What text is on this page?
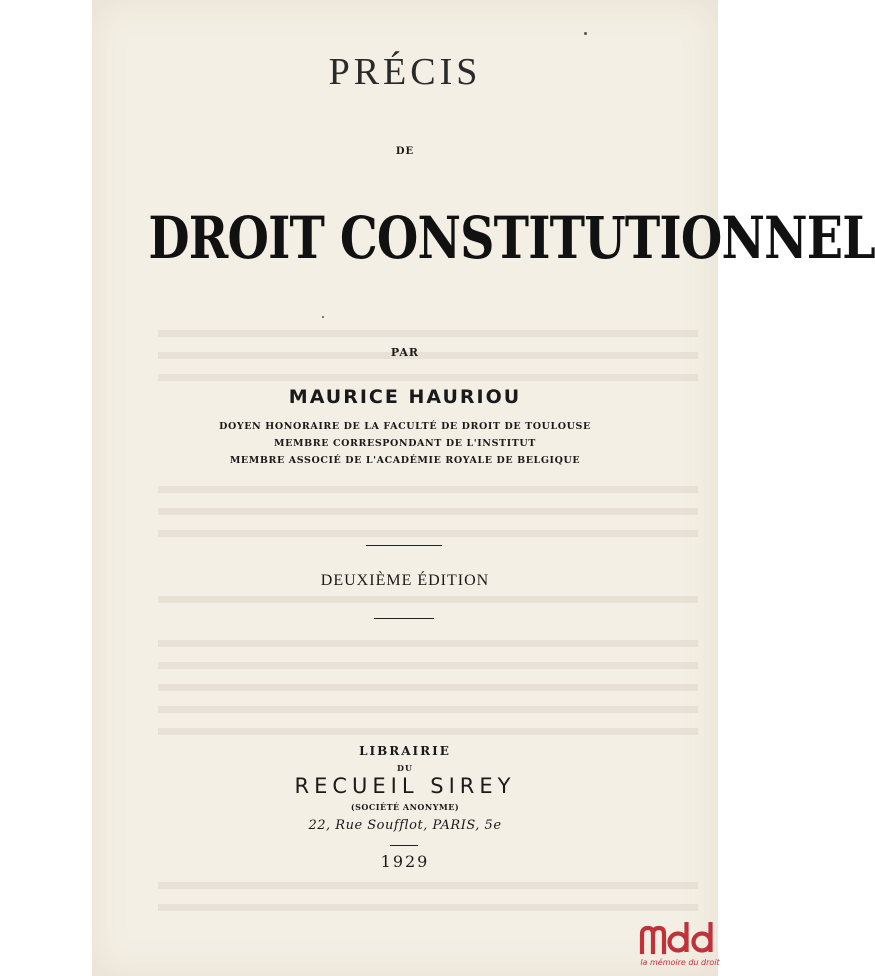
PRÉCIS
DE
DROIT CONSTITUTIONNEL
PAR
MAURICE HAURIOU
DOYEN HONORAIRE DE LA FACULTÉ DE DROIT DE TOULOUSE
MEMBRE CORRESPONDANT DE L'INSTITUT
MEMBRE ASSOCIÉ DE L'ACADÉMIE ROYALE DE BELGIQUE
DEUXIÈME ÉDITION
LIBRAIRIE
DU
RECUEIL SIREY
(SOCIÉTÉ ANONYME)
22, Rue Soufflot, PARIS, 5e
1929
la mémoire du droit
